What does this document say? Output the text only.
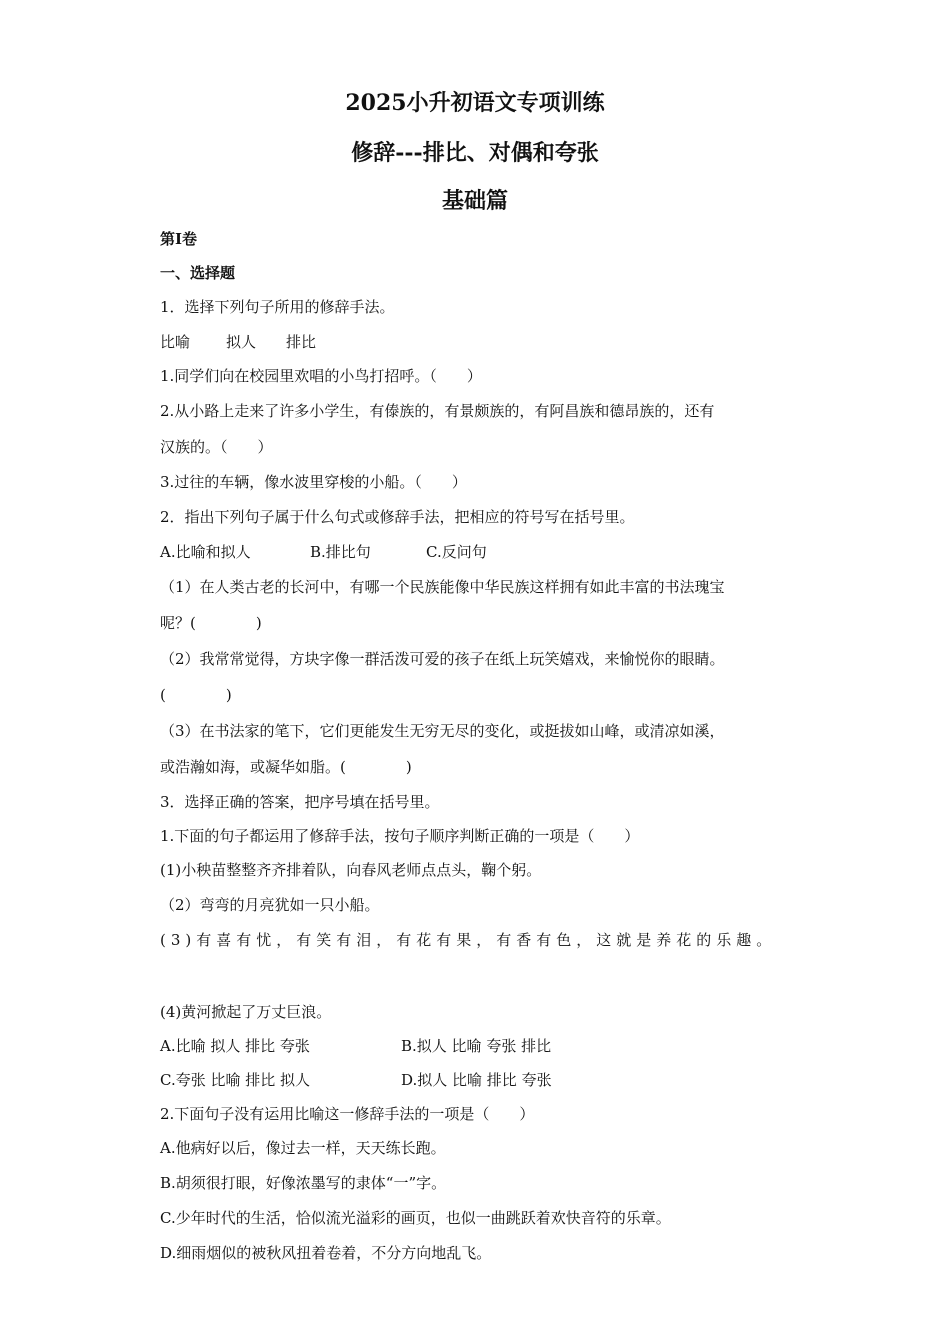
2025小升初语文专项训练
修辞---排比、对偶和夸张
基础篇
第Ⅰ卷
一、选择题
1．选择下列句子所用的修辞手法。
比喻 拟人 排比
1.同学们向在校园里欢唱的小鸟打招呼。（　　）
2.从小路上走来了许多小学生，有傣族的，有景颇族的，有阿昌族和德昂族的，还有
汉族的。（　　）
3.过往的车辆，像水波里穿梭的小船。（　　）
2．指出下列句子属于什么句式或修辞手法，把相应的符号写在括号里。
A.比喻和拟人	B.排比句	C.反问句
（1）在人类古老的长河中，有哪一个民族能像中华民族这样拥有如此丰富的书法瑰宝
呢？(　　　　)
（2）我常常觉得，方块字像一群活泼可爱的孩子在纸上玩笑嬉戏，来愉悦你的眼睛。
(　　　　)
（3）在书法家的笔下，它们更能发生无穷无尽的变化，或挺拔如山峰，或清凉如溪，
或浩瀚如海，或凝华如脂。(　　　　)
3．选择正确的答案，把序号填在括号里。
1.下面的句子都运用了修辞手法，按句子顺序判断正确的一项是（　　）
(1)小秧苗整整齐齐排着队，向春风老师点点头，鞠个躬。
（2）弯弯的月亮犹如一只小船。
(3)有喜有忧，有笑有泪，有花有果，有香有色，这就是养花的乐趣。
(4)黄河掀起了万丈巨浪。
A.比喻 拟人 排比 夸张	B.拟人 比喻 夸张 排比
C.夸张 比喻 排比 拟人	D.拟人 比喻 排比 夸张
2.下面句子没有运用比喻这一修辞手法的一项是（　　）
A.他病好以后，像过去一样，天天练长跑。
B.胡须很打眼，好像浓墨写的隶体“一”字。
C.少年时代的生活，恰似流光溢彩的画页，也似一曲跳跃着欢快音符的乐章。
D.细雨烟似的被秋风扭着卷着，不分方向地乱飞。
